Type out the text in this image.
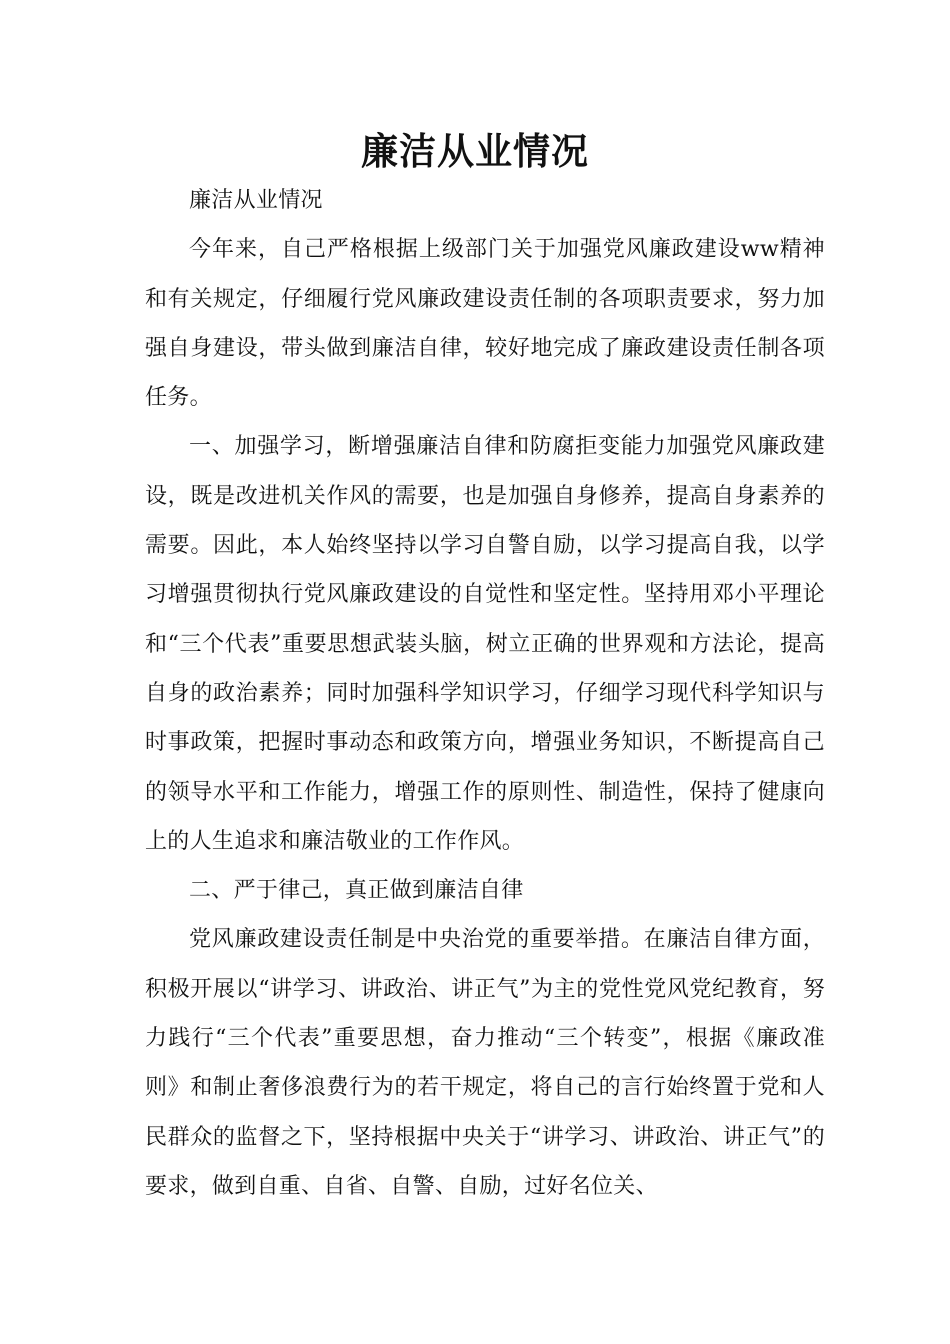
廉洁从业情况

廉洁从业情况

今年来，自己严格根据上级部门关于加强党风廉政建设ww精神和有关规定，仔细履行党风廉政建设责任制的各项职责要求，努力加强自身建设，带头做到廉洁自律，较好地完成了廉政建设责任制各项任务。

一、加强学习，断增强廉洁自律和防腐拒变能力加强党风廉政建设，既是改进机关作风的需要，也是加强自身修养，提高自身素养的需要。因此，本人始终坚持以学习自警自励，以学习提高自我，以学习增强贯彻执行党风廉政建设的自觉性和坚定性。坚持用邓小平理论和“三个代表”重要思想武装头脑，树立正确的世界观和方法论，提高自身的政治素养；同时加强科学知识学习，仔细学习现代科学知识与时事政策，把握时事动态和政策方向，增强业务知识，不断提高自己的领导水平和工作能力，增强工作的原则性、制造性，保持了健康向上的人生追求和廉洁敬业的工作作风。

二、严于律己，真正做到廉洁自律

党风廉政建设责任制是中央治党的重要举措。在廉洁自律方面，积极开展以“讲学习、讲政治、讲正气”为主的党性党风党纪教育，努力践行“三个代表”重要思想，奋力推动“三个转变”，根据《廉政准则》和制止奢侈浪费行为的若干规定，将自己的言行始终置于党和人民群众的监督之下，坚持根据中央关于“讲学习、讲政治、讲正气”的要求，做到自重、自省、自警、自励，过好名位关、
